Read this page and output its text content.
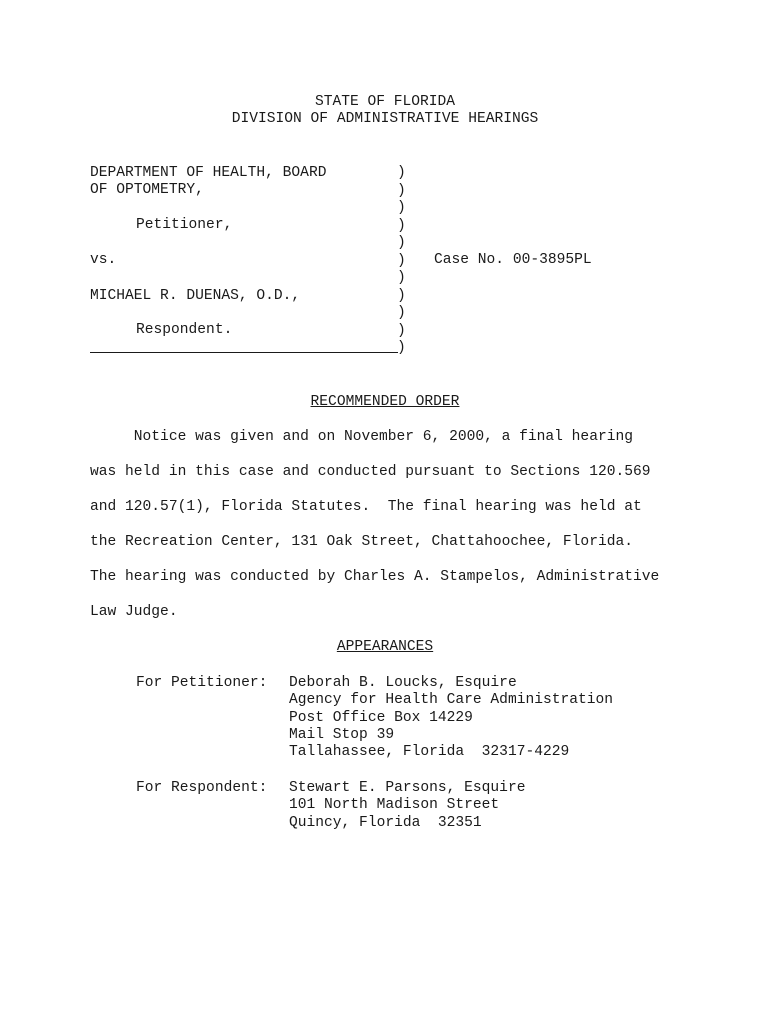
STATE OF FLORIDA
DIVISION OF ADMINISTRATIVE HEARINGS
DEPARTMENT OF HEALTH, BOARD
OF OPTOMETRY,
Petitioner,
vs.
MICHAEL R. DUENAS, O.D.,
Respondent.
)
)
)
)
)
)
)
)
)
)
)
Case No. 00-3895PL
RECOMMENDED ORDER
Notice was given and on November 6, 2000, a final hearing
was held in this case and conducted pursuant to Sections 120.569
and 120.57(1), Florida Statutes.  The final hearing was held at
the Recreation Center, 131 Oak Street, Chattahoochee, Florida.
The hearing was conducted by Charles A. Stampelos, Administrative
Law Judge.
APPEARANCES
For Petitioner: Deborah B. Loucks, Esquire
Agency for Health Care Administration
Post Office Box 14229
Mail Stop 39
Tallahassee, Florida  32317-4229
For Respondent: Stewart E. Parsons, Esquire
101 North Madison Street
Quincy, Florida  32351
